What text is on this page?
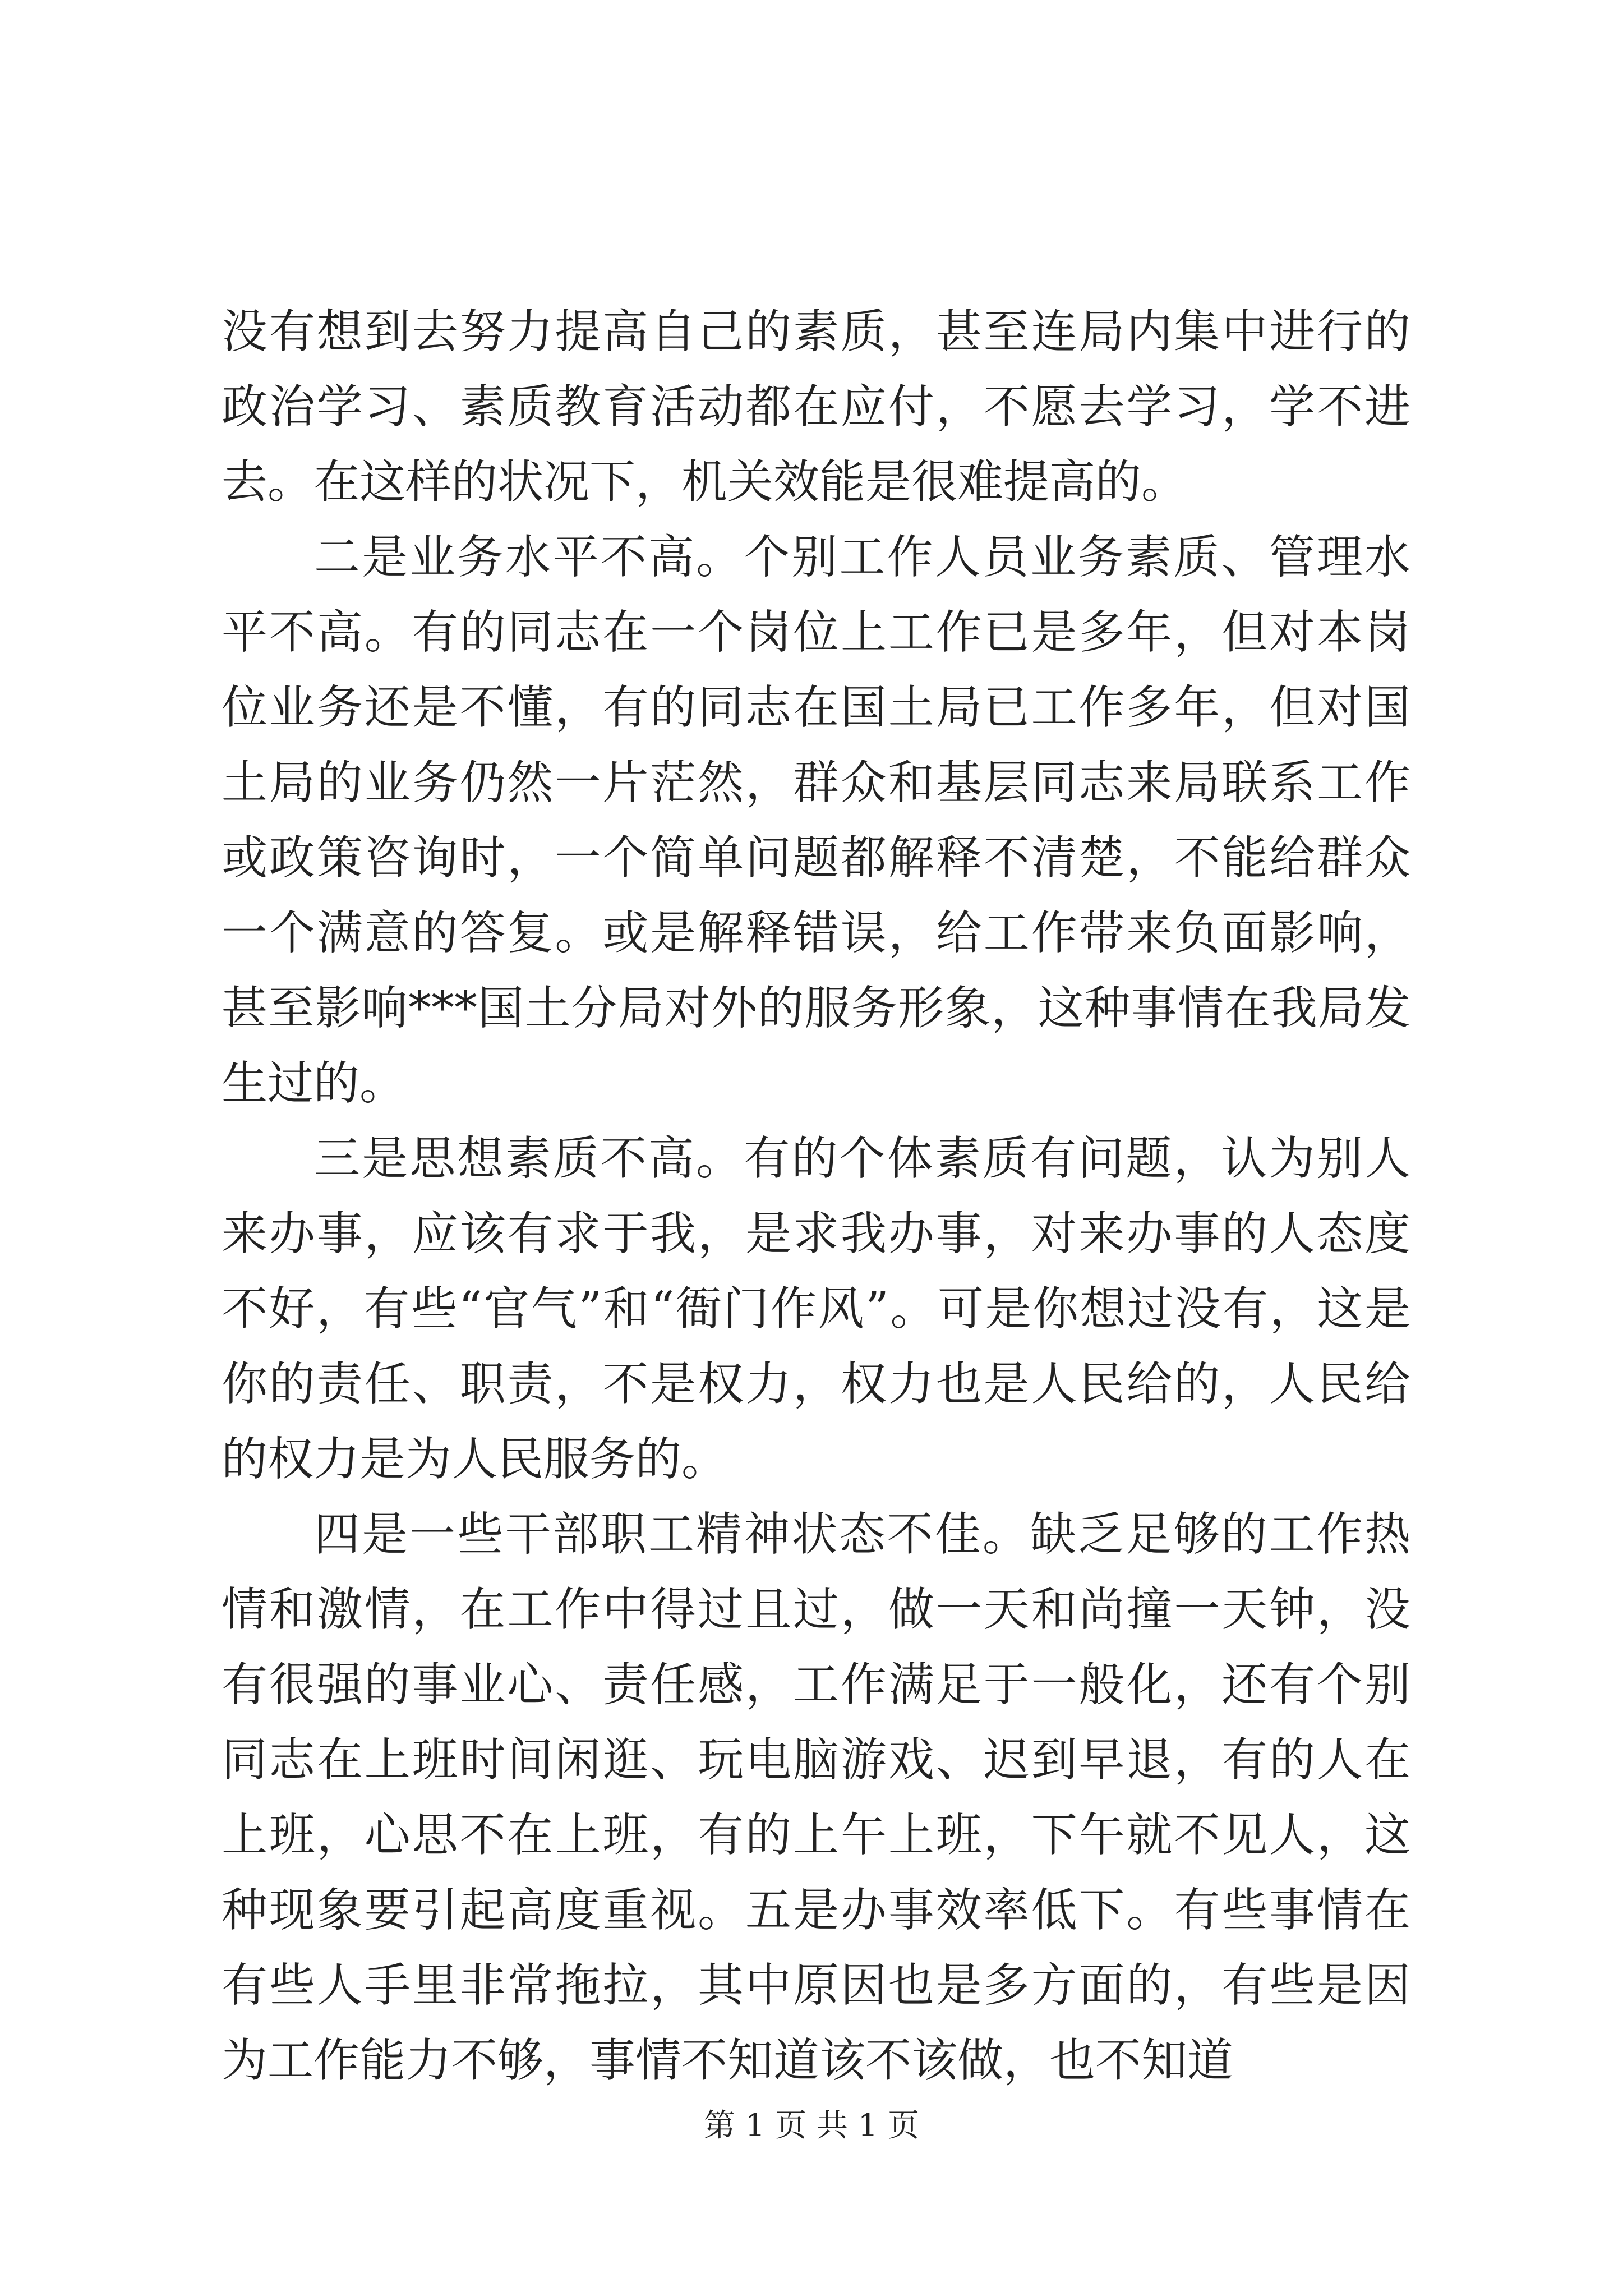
没有想到去努力提高自己的素质，甚至连局内集中进行的政治学习、素质教育活动都在应付，不愿去学习，学不进去。在这样的状况下，机关效能是很难提高的。

二是业务水平不高。个别工作人员业务素质、管理水平不高。有的同志在一个岗位上工作已是多年，但对本岗位业务还是不懂，有的同志在国土局已工作多年，但对国土局的业务仍然一片茫然，群众和基层同志来局联系工作或政策咨询时，一个简单问题都解释不清楚，不能给群众一个满意的答复。或是解释错误，给工作带来负面影响，甚至影响***国土分局对外的服务形象，这种事情在我局发生过的。

三是思想素质不高。有的个体素质有问题，认为别人来办事，应该有求于我，是求我办事，对来办事的人态度不好，有些“官气”和“衙门作风”。可是你想过没有，这是你的责任、职责，不是权力，权力也是人民给的，人民给的权力是为人民服务的。

四是一些干部职工精神状态不佳。缺乏足够的工作热情和激情，在工作中得过且过，做一天和尚撞一天钟，没有很强的事业心、责任感，工作满足于一般化，还有个别同志在上班时间闲逛、玩电脑游戏、迟到早退，有的人在上班，心思不在上班，有的上午上班，下午就不见人，这种现象要引起高度重视。五是办事效率低下。有些事情在有些人手里非常拖拉，其中原因也是多方面的，有些是因为工作能力不够，事情不知道该不该做，也不知道

第 1 页 共 1 页
